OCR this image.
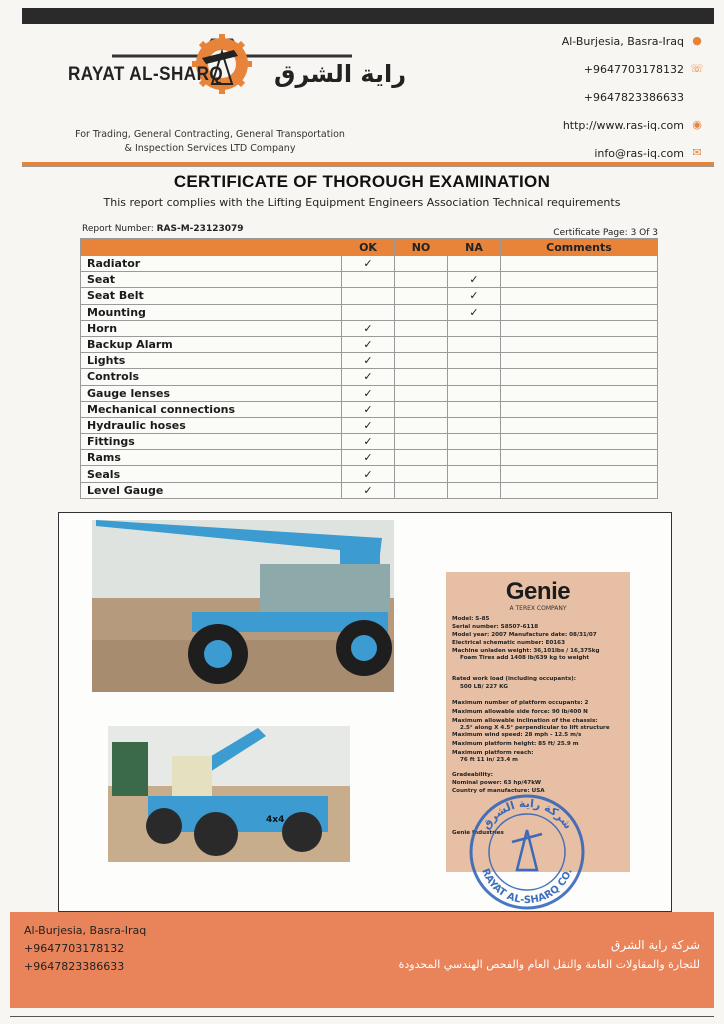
RAYAT AL-SHARQ راية الشرق
For Trading, General Contracting, General Transportation
& Inspection Services LTD Company
Al-Burjesia, Basra-Iraq ●
+9647703178132 ☏
+9647823386633
http://www.ras-iq.com ◉
info@ras-iq.com ✉
CERTIFICATE OF THOROUGH EXAMINATION
This report complies with the Lifting Equipment Engineers Association Technical requirements
Report Number: RAS-M-23123079	Certificate Page: 3 Of 3
	OK	NO	NA	Comments
Radiator	✓			
Seat			✓	
Seat Belt			✓	
Mounting			✓	
Horn	✓			
Backup Alarm	✓			
Lights	✓			
Controls	✓			
Gauge lenses	✓			
Mechanical connections	✓			
Hydraulic hoses	✓			
Fittings	✓			
Rams	✓			
Seals	✓			
Level Gauge	✓			
4x4
Genie
A TEREX COMPANY
Model: S-85
Serial number: S8507-6118
Model year: 2007 Manufacture date: 08/31/07
Electrical schematic number: E0163
Machine unladen weight: 36,101lbs / 16,375kg
Foam Tires add 1408 lb/639 kg to weight
Rated work load (including occupants):
500 LB/ 227 KG
Maximum number of platform occupants: 2
Maximum allowable side force: 90 lb/400 N
Maximum allowable inclination of the chassis:
2.5° along X 4.5° perpendicular to lift structure
Maximum wind speed: 28 mph - 12.5 m/s
Maximum platform height: 85 ft/ 25.9 m
Maximum platform reach:
76 ft 11 in/ 23.4 m
Gradeability:
Nominal power: 63 hp/47kW
Country of manufacture: USA
Genie Industries
شركة راية الشرق
RAYAT AL-SHARQ CO.
Al-Burjesia, Basra-Iraq
+9647703178132
+9647823386633
شركة راية الشرق
للتجارة والمقاولات العامة والنقل العام والفحص الهندسي المحدودة
